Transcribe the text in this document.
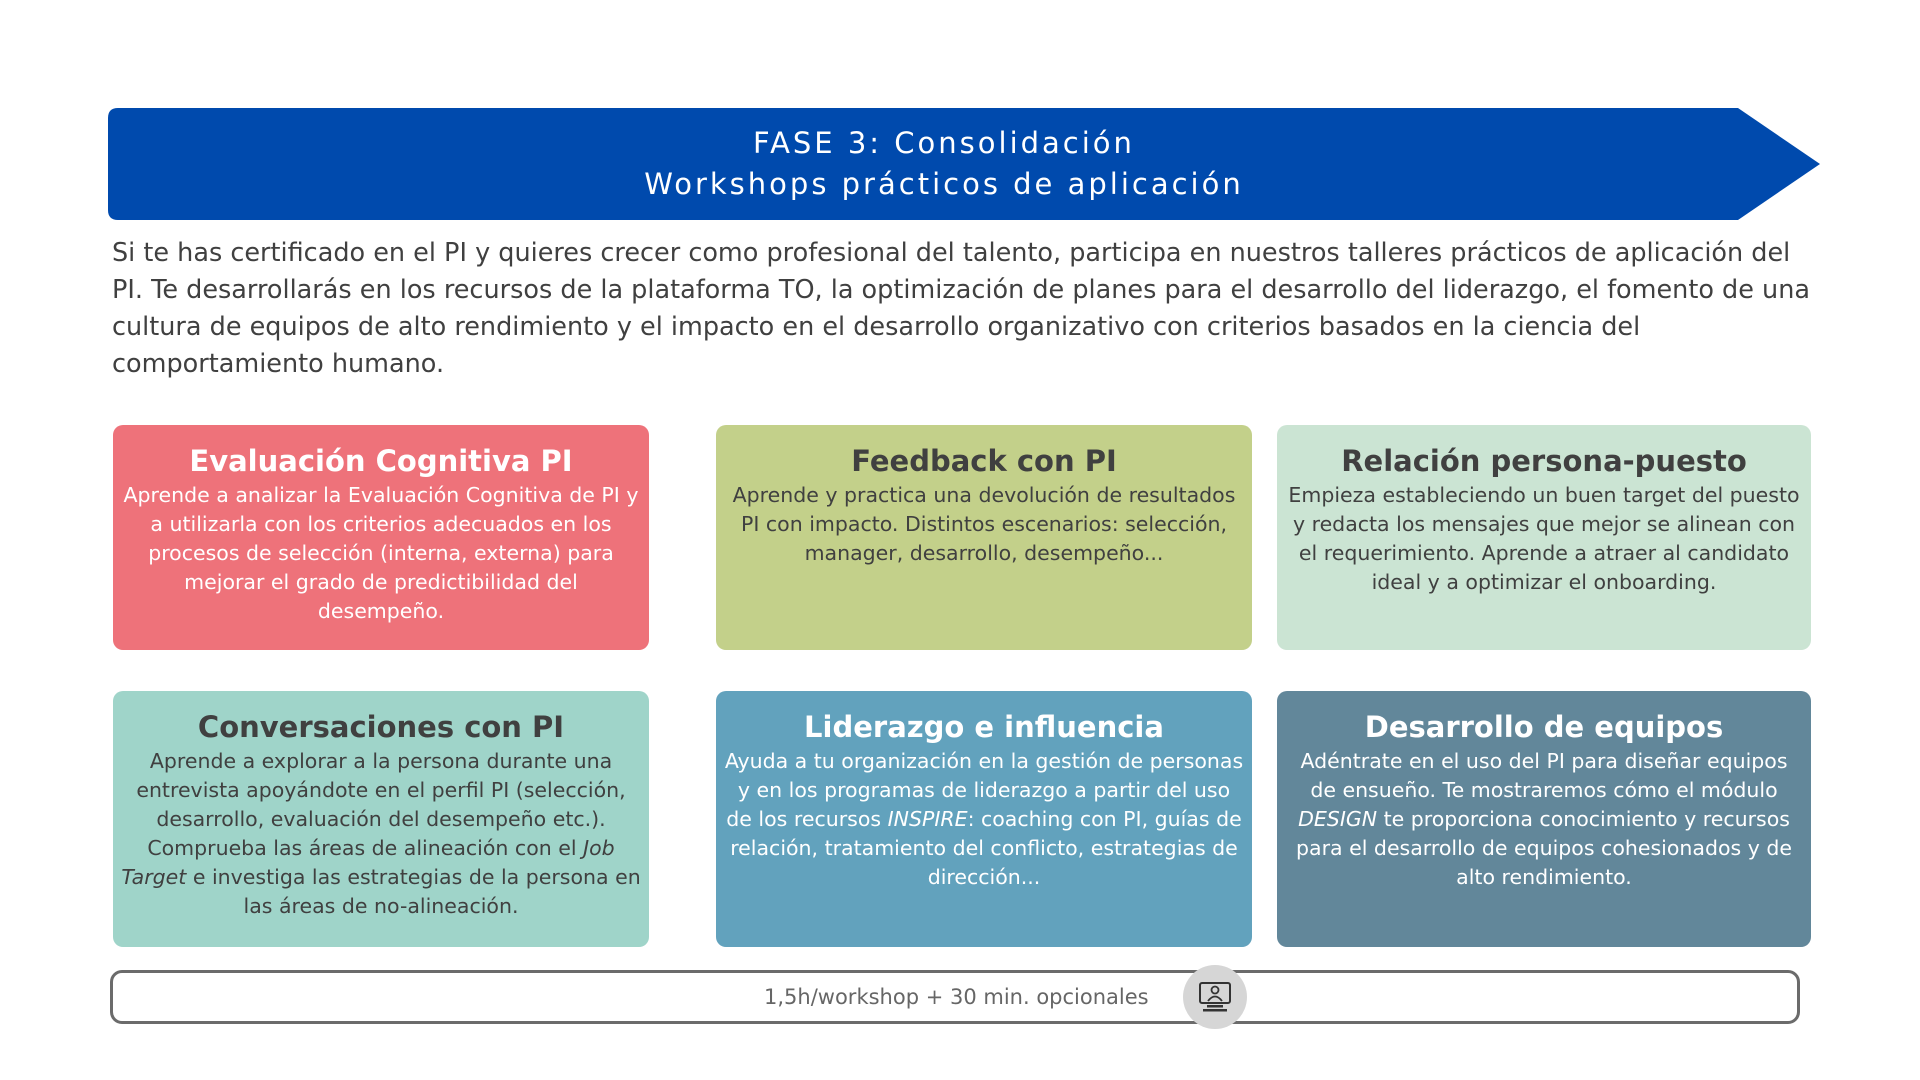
FASE 3: Consolidación
Workshops prácticos de aplicación
Si te has certificado en el PI y quieres crecer como profesional del talento, participa en nuestros talleres prácticos de aplicación del PI. Te desarrollarás en los recursos de la plataforma TO, la optimización de planes para el desarrollo del liderazgo, el fomento de una cultura de equipos de alto rendimiento y el impacto en el desarrollo organizativo con criterios basados en la ciencia del comportamiento humano.
Evaluación Cognitiva PI
Aprende a analizar la Evaluación Cognitiva de PI y a utilizarla con los criterios adecuados en los procesos de selección (interna, externa) para mejorar el grado de predictibilidad del desempeño.
Feedback con PI
Aprende y practica una devolución de resultados PI con impacto. Distintos escenarios: selección, manager, desarrollo, desempeño...
Relación persona-puesto
Empieza estableciendo un buen target del puesto y redacta los mensajes que mejor se alinean con el requerimiento. Aprende a atraer al candidato ideal y a optimizar el onboarding.
Conversaciones con PI
Aprende a explorar a la persona durante una entrevista apoyándote en el perfil PI (selección, desarrollo, evaluación del desempeño etc.). Comprueba las áreas de alineación con el Job Target e investiga las estrategias de la persona en las áreas de no-alineación.
Liderazgo e influencia
Ayuda a tu organización en la gestión de personas y en los programas de liderazgo a partir del uso de los recursos INSPIRE: coaching con PI, guías de relación, tratamiento del conflicto, estrategias de dirección...
Desarrollo de equipos
Adéntrate en el uso del PI para diseñar equipos de ensueño. Te mostraremos cómo el módulo DESIGN te proporciona conocimiento y recursos para el desarrollo de equipos cohesionados y de alto rendimiento.
1,5h/workshop + 30 min. opcionales
